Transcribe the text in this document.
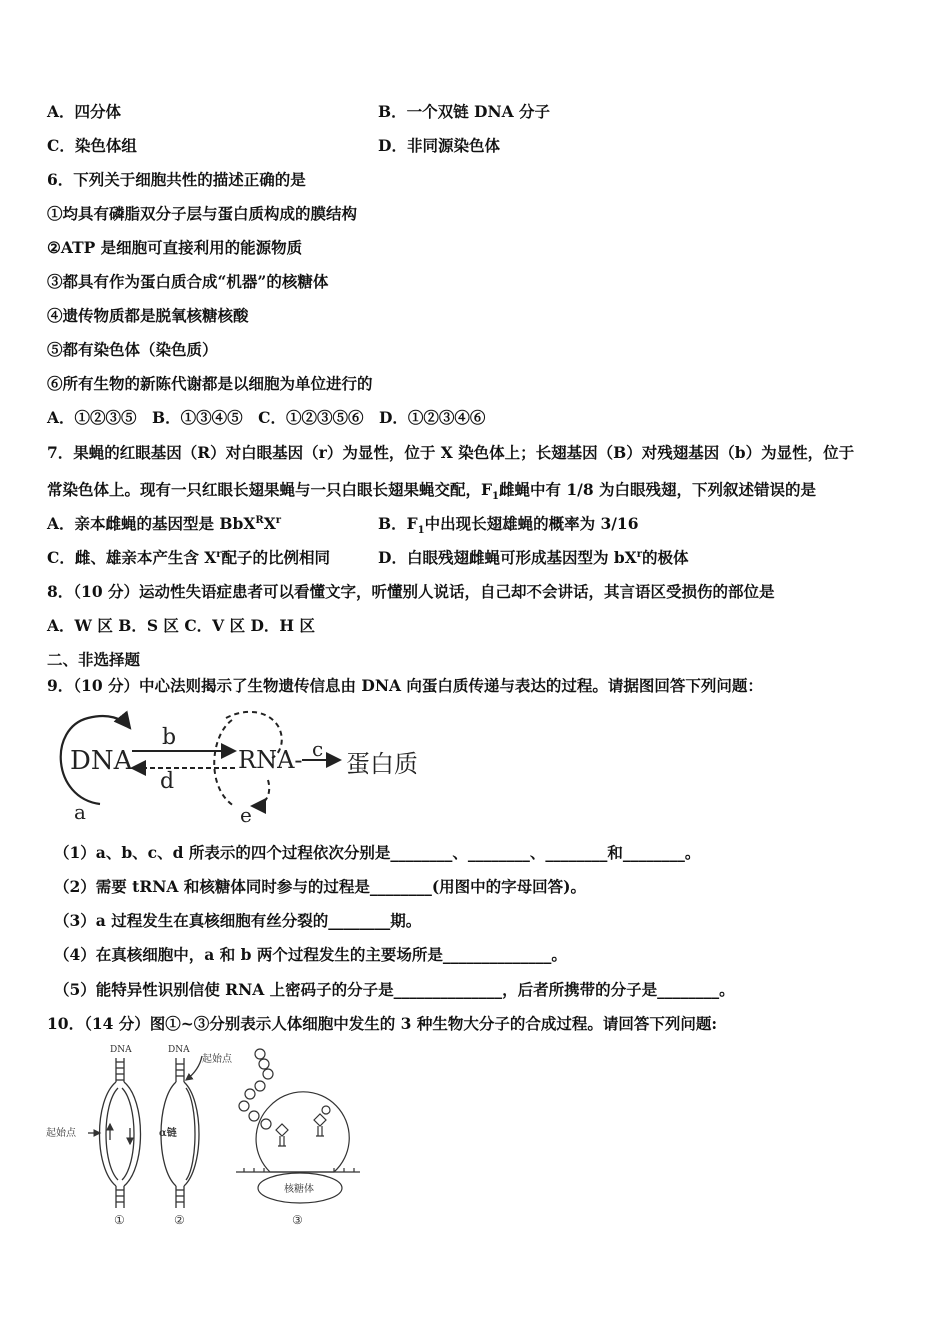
A．四分体	B．一个双链 DNA 分子
C．染色体组	D．非同源染色体
6．下列关于细胞共性的描述正确的是
①均具有磷脂双分子层与蛋白质构成的膜结构
②ATP 是细胞可直接利用的能源物质
③都具有作为蛋白质合成“机器”的核糖体
④遗传物质都是脱氧核糖核酸
⑤都有染色体（染色质）
⑥所有生物的新陈代谢都是以细胞为单位进行的
A．①②③⑤　B．①③④⑤　C．①②③⑤⑥　D．①②③④⑥
7．果蝇的红眼基因（R）对白眼基因（r）为显性，位于 X 染色体上；长翅基因（B）对残翅基因（b）为显性，位于
常染色体上。现有一只红眼长翅果蝇与一只白眼长翅果蝇交配，$F_1$雌蝇中有 1/8 为白眼残翅，下列叙述错误的是
A．亲本雌蝇的基因型是 $BbX^RX^r$	B．$F_1$中出现长翅雄蝇的概率为 3/16
C．雌、雄亲本产生含 $X^r$配子的比例相同	D．白眼残翅雌蝇可形成基因型为 $bX^r$的极体
8．（10 分）运动性失语症患者可以看懂文字，听懂别人说话，自己却不会讲话，其言语区受损伤的部位是
A．W 区 B．S 区 C．V 区 D．H 区
二、非选择题
9．（10 分）中心法则揭示了生物遗传信息由 DNA 向蛋白质传递与表达的过程。请据图回答下列问题：
DNA
a
b
d
RNA-
e
c
蛋白质
（1）a、b、c、d 所表示的四个过程依次分别是________、________、________和________。
（2）需要 tRNA 和核糖体同时参与的过程是________(用图中的字母回答)。
（3）a 过程发生在真核细胞有丝分裂的________期。
（4）在真核细胞中，a 和 b 两个过程发生的主要场所是______________。
（5）能特异性识别信使 RNA 上密码子的分子是______________，后者所携带的分子是________。
10．（14 分）图①~③分别表示人体细胞中发生的 3 种生物大分子的合成过程。请回答下列问题:
DNA
起始点
①
DNA
起始点
α链
②
核糖体
③
